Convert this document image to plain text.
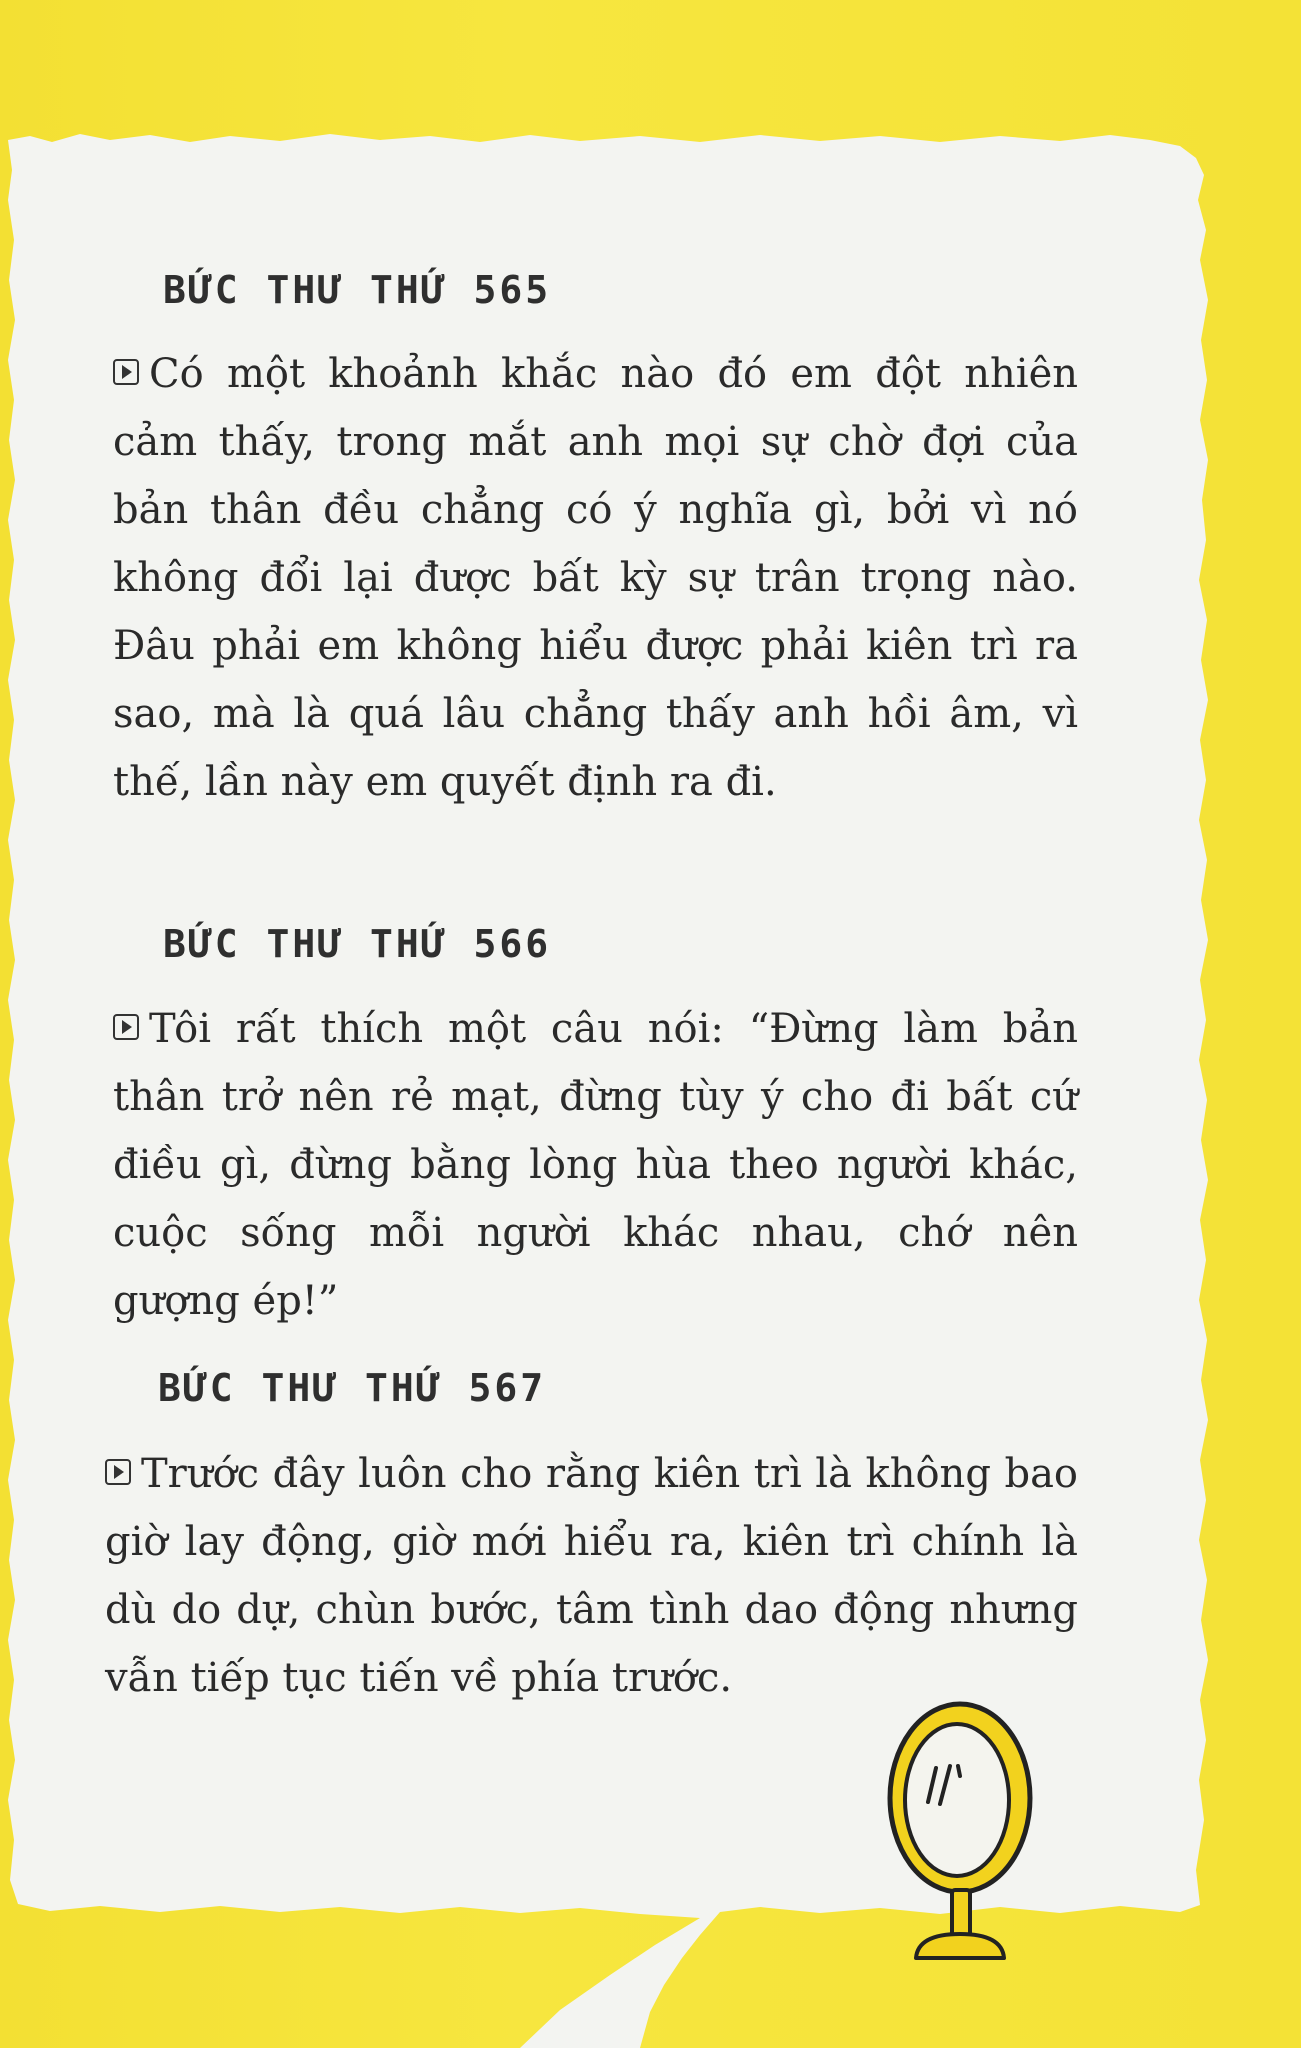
BỨC THƯ THỨ 565
Có một khoảnh khắc nào đó em đột nhiên cảm thấy, trong mắt anh mọi sự chờ đợi của bản thân đều chẳng có ý nghĩa gì, bởi vì nó không đổi lại được bất kỳ sự trân trọng nào. Đâu phải em không hiểu được phải kiên trì ra sao, mà là quá lâu chẳng thấy anh hồi âm, vì thế, lần này em quyết định ra đi.
BỨC THƯ THỨ 566
Tôi rất thích một câu nói: “Đừng làm bản thân trở nên rẻ mạt, đừng tùy ý cho đi bất cứ điều gì, đừng bằng lòng hùa theo người khác, cuộc sống mỗi người khác nhau, chớ nên gượng ép!”
BỨC THƯ THỨ 567
Trước đây luôn cho rằng kiên trì là không bao giờ lay động, giờ mới hiểu ra, kiên trì chính là dù do dự, chùn bước, tâm tình dao động nhưng vẫn tiếp tục tiến về phía trước.
